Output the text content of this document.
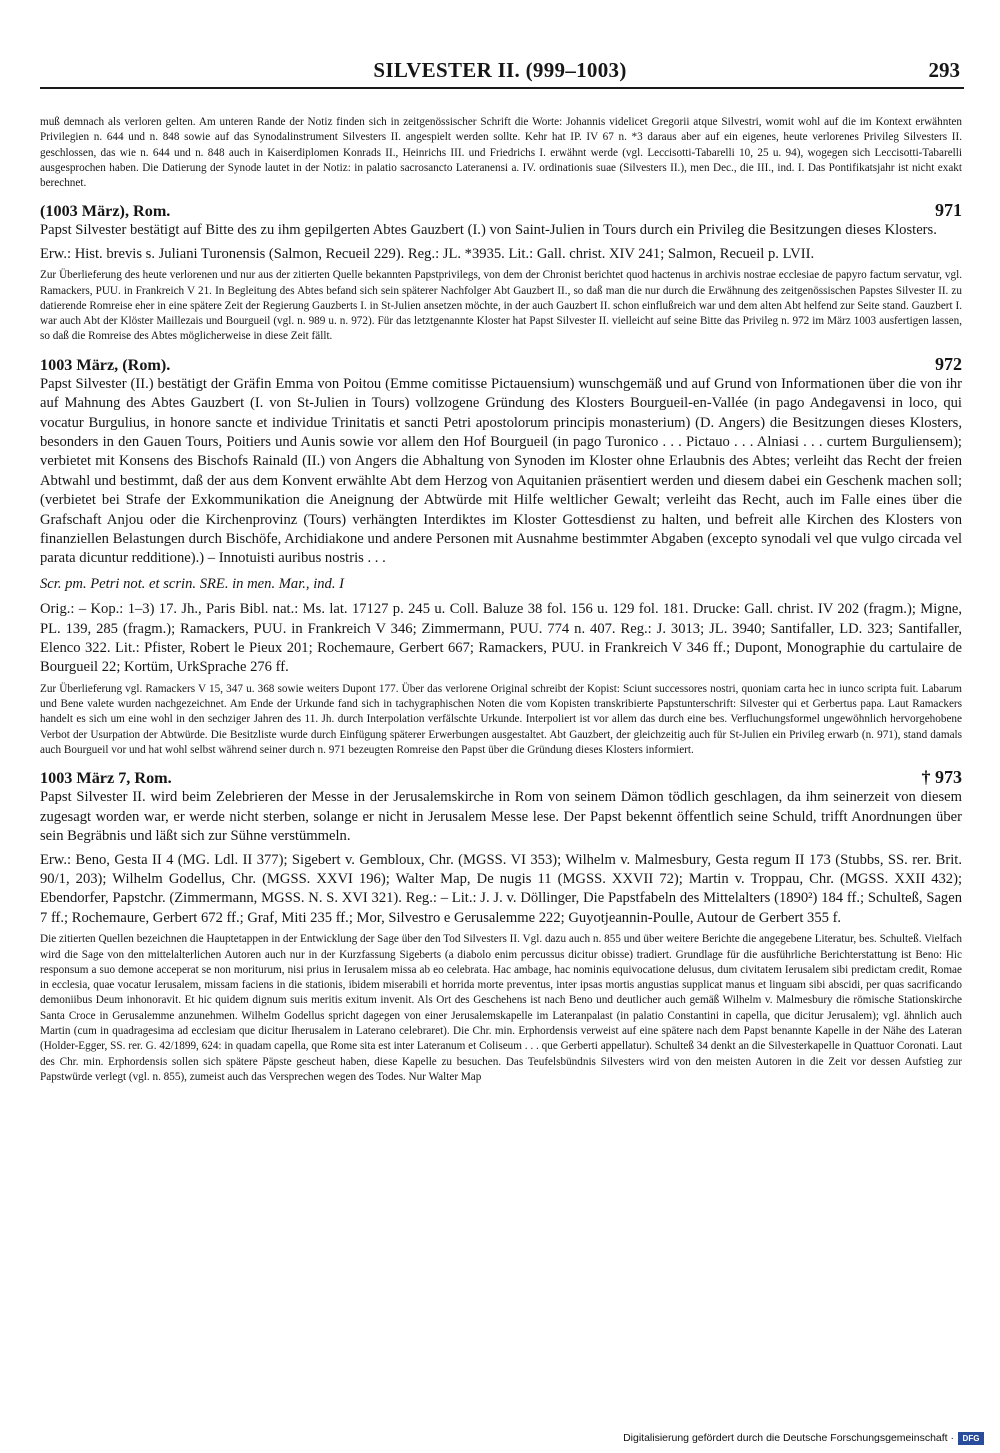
SILVESTER II. (999–1003)	293

muß demnach als verloren gelten. Am unteren Rande der Notiz finden sich in zeitgenössischer Schrift die Worte: Johannis videlicet Gregorii atque Silvestri, womit wohl auf die im Kontext erwähnten Privilegien n. 644 und n. 848 sowie auf das Synodalinstrument Silvesters II. angespielt werden sollte. Kehr hat IP. IV 67 n. *3 daraus aber auf ein eigenes, heute verlorenes Privileg Silvesters II. geschlossen, das wie n. 644 und n. 848 auch in Kaiserdiplomen Konrads II., Heinrichs III. und Friedrichs I. erwähnt werde (vgl. Leccisotti-Tabarelli 10, 25 u. 94), wogegen sich Leccisotti-Tabarelli ausgesprochen haben. Die Datierung der Synode lautet in der Notiz: in palatio sacrosancto Lateranensi a. IV. ordinationis suae (Silvesters II.), men Dec., die III., ind. I. Das Pontifikatsjahr ist nicht exakt berechnet.

(1003 März), Rom.	971

Papst Silvester bestätigt auf Bitte des zu ihm gepilgerten Abtes Gauzbert (I.) von Saint-Julien in Tours durch ein Privileg die Besitzungen dieses Klosters.

Erw.: Hist. brevis s. Juliani Turonensis (Salmon, Recueil 229). Reg.: JL. *3935. Lit.: Gall. christ. XIV 241; Salmon, Recueil p. LVII.

Zur Überlieferung des heute verlorenen und nur aus der zitierten Quelle bekannten Papstprivilegs, von dem der Chronist berichtet quod hactenus in archivis nostrae ecclesiae de papyro factum servatur, vgl. Ramackers, PUU. in Frankreich V 21. In Begleitung des Abtes befand sich sein späterer Nachfolger Abt Gauzbert II., so daß man die nur durch die Erwähnung des zeitgenössischen Papstes Silvester II. zu datierende Romreise eher in eine spätere Zeit der Regierung Gauzberts I. in St-Julien ansetzen möchte, in der auch Gauzbert II. schon einflußreich war und dem alten Abt helfend zur Seite stand. Gauzbert I. war auch Abt der Klöster Maillezais und Bourgueil (vgl. n. 989 u. n. 972). Für das letztgenannte Kloster hat Papst Silvester II. vielleicht auf seine Bitte das Privileg n. 972 im März 1003 ausfertigen lassen, so daß die Romreise des Abtes möglicherweise in diese Zeit fällt.

1003 März, (Rom).	972

Papst Silvester (II.) bestätigt der Gräfin Emma von Poitou (Emme comitisse Pictauensium) wunschgemäß und auf Grund von Informationen über die von ihr auf Mahnung des Abtes Gauzbert (I. von St-Julien in Tours) vollzogene Gründung des Klosters Bourgueil-en-Vallée (in pago Andegavensi in loco, qui vocatur Burgulius, in honore sancte et individue Trinitatis et sancti Petri apostolorum principis monasterium) (D. Angers) die Besitzungen dieses Klosters, besonders in den Gauen Tours, Poitiers und Aunis sowie vor allem den Hof Bourgueil (in pago Turonico . . . Pictauo . . . Alniasi . . . curtem Burguliensem); verbietet mit Konsens des Bischofs Rainald (II.) von Angers die Abhaltung von Synoden im Kloster ohne Erlaubnis des Abtes; verleiht das Recht der freien Abtwahl und bestimmt, daß der aus dem Konvent erwählte Abt dem Herzog von Aquitanien präsentiert werden und diesem dabei ein Geschenk machen soll; (verbietet bei Strafe der Exkommunikation die Aneignung der Abtwürde mit Hilfe weltlicher Gewalt; verleiht das Recht, auch im Falle eines über die Grafschaft Anjou oder die Kirchenprovinz (Tours) verhängten Interdiktes im Kloster Gottesdienst zu halten, und befreit alle Kirchen des Klosters von finanziellen Belastungen durch Bischöfe, Archidiakone und andere Personen mit Ausnahme bestimmter Abgaben (excepto synodali vel que vulgo circada vel parata dicuntur redditione).) – Innotuisti auribus nostris . . .

Scr. pm. Petri not. et scrin. SRE. in men. Mar., ind. I

Orig.: – Kop.: 1–3) 17. Jh., Paris Bibl. nat.: Ms. lat. 17127 p. 245 u. Coll. Baluze 38 fol. 156 u. 129 fol. 181. Drucke: Gall. christ. IV 202 (fragm.); Migne, PL. 139, 285 (fragm.); Ramackers, PUU. in Frankreich V 346; Zimmermann, PUU. 774 n. 407. Reg.: J. 3013; JL. 3940; Santifaller, LD. 323; Santifaller, Elenco 322. Lit.: Pfister, Robert le Pieux 201; Rochemaure, Gerbert 667; Ramackers, PUU. in Frankreich V 346 ff.; Dupont, Monographie du cartulaire de Bourgueil 22; Kortüm, UrkSprache 276 ff.

Zur Überlieferung vgl. Ramackers V 15, 347 u. 368 sowie weiters Dupont 177. Über das verlorene Original schreibt der Kopist: Sciunt successores nostri, quoniam carta hec in iunco scripta fuit. Labarum und Bene valete wurden nachgezeichnet. Am Ende der Urkunde fand sich in tachygraphischen Noten die vom Kopisten transkribierte Papstunterschrift: Silvester qui et Gerbertus papa. Laut Ramackers handelt es sich um eine wohl in den sechziger Jahren des 11. Jh. durch Interpolation verfälschte Urkunde. Interpoliert ist vor allem das durch eine bes. Verfluchungsformel ungewöhnlich hervorgehobene Verbot der Usurpation der Abtwürde. Die Besitzliste wurde durch Einfügung späterer Erwerbungen ausgestaltet. Abt Gauzbert, der gleichzeitig auch für St-Julien ein Privileg erwarb (n. 971), stand damals auch Bourgueil vor und hat wohl selbst während seiner durch n. 971 bezeugten Romreise den Papst über die Gründung dieses Klosters informiert.

1003 März 7, Rom.	† 973

Papst Silvester II. wird beim Zelebrieren der Messe in der Jerusalemskirche in Rom von seinem Dämon tödlich geschlagen, da ihm seinerzeit von diesem zugesagt worden war, er werde nicht sterben, solange er nicht in Jerusalem Messe lese. Der Papst bekennt öffentlich seine Schuld, trifft Anordnungen über sein Begräbnis und läßt sich zur Sühne verstümmeln.

Erw.: Beno, Gesta II 4 (MG. Ldl. II 377); Sigebert v. Gembloux, Chr. (MGSS. VI 353); Wilhelm v. Malmesbury, Gesta regum II 173 (Stubbs, SS. rer. Brit. 90/1, 203); Wilhelm Godellus, Chr. (MGSS. XXVI 196); Walter Map, De nugis 11 (MGSS. XXVII 72); Martin v. Troppau, Chr. (MGSS. XXII 432); Ebendorfer, Papstchr. (Zimmermann, MGSS. N. S. XVI 321). Reg.: – Lit.: J. J. v. Döllinger, Die Papstfabeln des Mittelalters (1890²) 184 ff.; Schulteß, Sagen 7 ff.; Rochemaure, Gerbert 672 ff.; Graf, Miti 235 ff.; Mor, Silvestro e Gerusalemme 222; Guyotjeannin-Poulle, Autour de Gerbert 355 f.

Die zitierten Quellen bezeichnen die Hauptetappen in der Entwicklung der Sage über den Tod Silvesters II. Vgl. dazu auch n. 855 und über weitere Berichte die angegebene Literatur, bes. Schulteß. Vielfach wird die Sage von den mittelalterlichen Autoren auch nur in der Kurzfassung Sigeberts (a diabolo enim percussus dicitur obisse) tradiert. Grundlage für die ausführliche Berichterstattung ist Beno: Hic responsum a suo demone acceperat se non moriturum, nisi prius in Ierusalem missa ab eo celebrata. Hac ambage, hac nominis equivocatione delusus, dum civitatem Ierusalem sibi predictam credit, Romae in ecclesia, quae vocatur Ierusalem, missam faciens in die stationis, ibidem miserabili et horrida morte preventus, inter ipsas mortis angustias supplicat manus et linguam sibi abscidi, per quas sacrificando demoniibus Deum inhonoravit. Et hic quidem dignum suis meritis exitum invenit. Als Ort des Geschehens ist nach Beno und deutlicher auch gemäß Wilhelm v. Malmesbury die römische Stationskirche Santa Croce in Gerusalemme anzunehmen. Wilhelm Godellus spricht dagegen von einer Jerusalemskapelle im Lateranpalast (in palatio Constantini in capella, que dicitur Jerusalem); vgl. ähnlich auch Martin (cum in quadragesima ad ecclesiam que dicitur Iherusalem in Laterano celebraret). Die Chr. min. Erphordensis verweist auf eine spätere nach dem Papst benannte Kapelle in der Nähe des Lateran (Holder-Egger, SS. rer. G. 42/1899, 624: in quadam capella, que Rome sita est inter Lateranum et Coliseum . . . que Gerberti appellatur). Schulteß 34 denkt an die Silvesterkapelle in Quattuor Coronati. Laut des Chr. min. Erphordensis sollen sich spätere Päpste gescheut haben, diese Kapelle zu besuchen. Das Teufelsbündnis Silvesters wird von den meisten Autoren in die Zeit vor dessen Aufstieg zur Papstwürde verlegt (vgl. n. 855), zumeist auch das Versprechen wegen des Todes. Nur Walter Map

Digitalisierung gefördert durch die Deutsche Forschungsgemeinschaft · DFG
